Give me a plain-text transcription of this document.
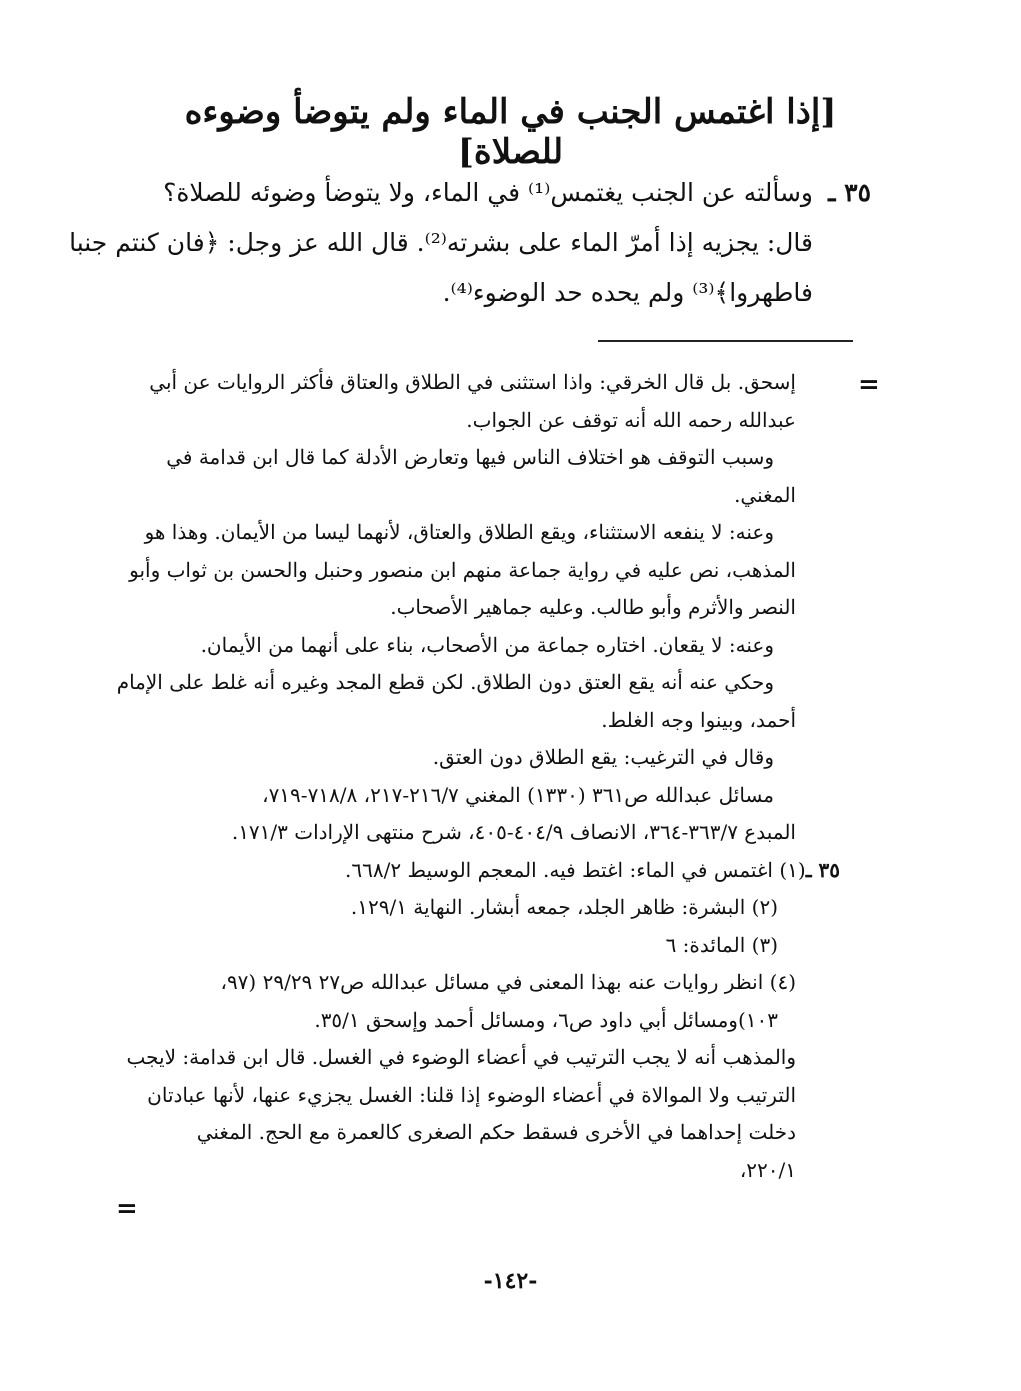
[إذا اغتمس الجنب في الماء ولم يتوضأ وضوءه للصلاة]
٣٥ ـوسألته عن الجنب يغتمس⁽¹⁾ في الماء، ولا يتوضأ وضوئه للصلاة؟
قال: يجزيه إذا أمرّ الماء على بشرته⁽²⁾. قال الله عز وجل: ﴿فان كنتم جنبا
فاطهروا﴾⁽³⁾ ولم يحده حد الوضوء⁽⁴⁾.
=
إسحق. بل قال الخرقي: واذا استثنى في الطلاق والعتاق فأكثر الروايات عن أبي
عبدالله رحمه الله أنه توقف عن الجواب.
وسبب التوقف هو اختلاف الناس فيها وتعارض الأدلة كما قال ابن قدامة في
المغني.
وعنه: لا ينفعه الاستثناء، ويقع الطلاق والعتاق، لأنهما ليسا من الأيمان. وهذا هو
المذهب، نص عليه في رواية جماعة منهم ابن منصور وحنبل والحسن بن ثواب وأبو
النصر والأثرم وأبو طالب. وعليه جماهير الأصحاب.
وعنه: لا يقعان. اختاره جماعة من الأصحاب، بناء على أنهما من الأيمان.
وحكي عنه أنه يقع العتق دون الطلاق. لكن قطع المجد وغيره أنه غلط على الإمام
أحمد، وبينوا وجه الغلط.
وقال في الترغيب: يقع الطلاق دون العتق.
مسائل عبدالله ص٣٦١ (١٣٣٠) المغني ٢١٦/٧-٢١٧، ٧١٨/٨-٧١٩،
المبدع ٣٦٣/٧-٣٦٤، الانصاف ٤٠٤/٩-٤٠٥، شرح منتهى الإرادات ١٧١/٣.
٣٥ ـ(١) اغتمس في الماء: اغتط فيه. المعجم الوسيط ٦٦٨/٢.
(٢) البشرة: ظاهر الجلد، جمعه أبشار. النهاية ١٢٩/١.
(٣) المائدة: ٦
(٤) انظر روايات عنه بهذا المعنى في مسائل عبدالله ص٢٧ ٢٩/٢٩ (٩٧،
١٠٣)ومسائل أبي داود ص٦، ومسائل أحمد وإسحق ٣٥/١.
والمذهب أنه لا يجب الترتيب في أعضاء الوضوء في الغسل. قال ابن قدامة: لايجب
الترتيب ولا الموالاة في أعضاء الوضوء إذا قلنا: الغسل يجزيء عنها، لأنها عبادتان
دخلت إحداهما في الأخرى فسقط حكم الصغرى كالعمرة مع الحج. المغني
٢٢٠/١،
=
-١٤٢-
